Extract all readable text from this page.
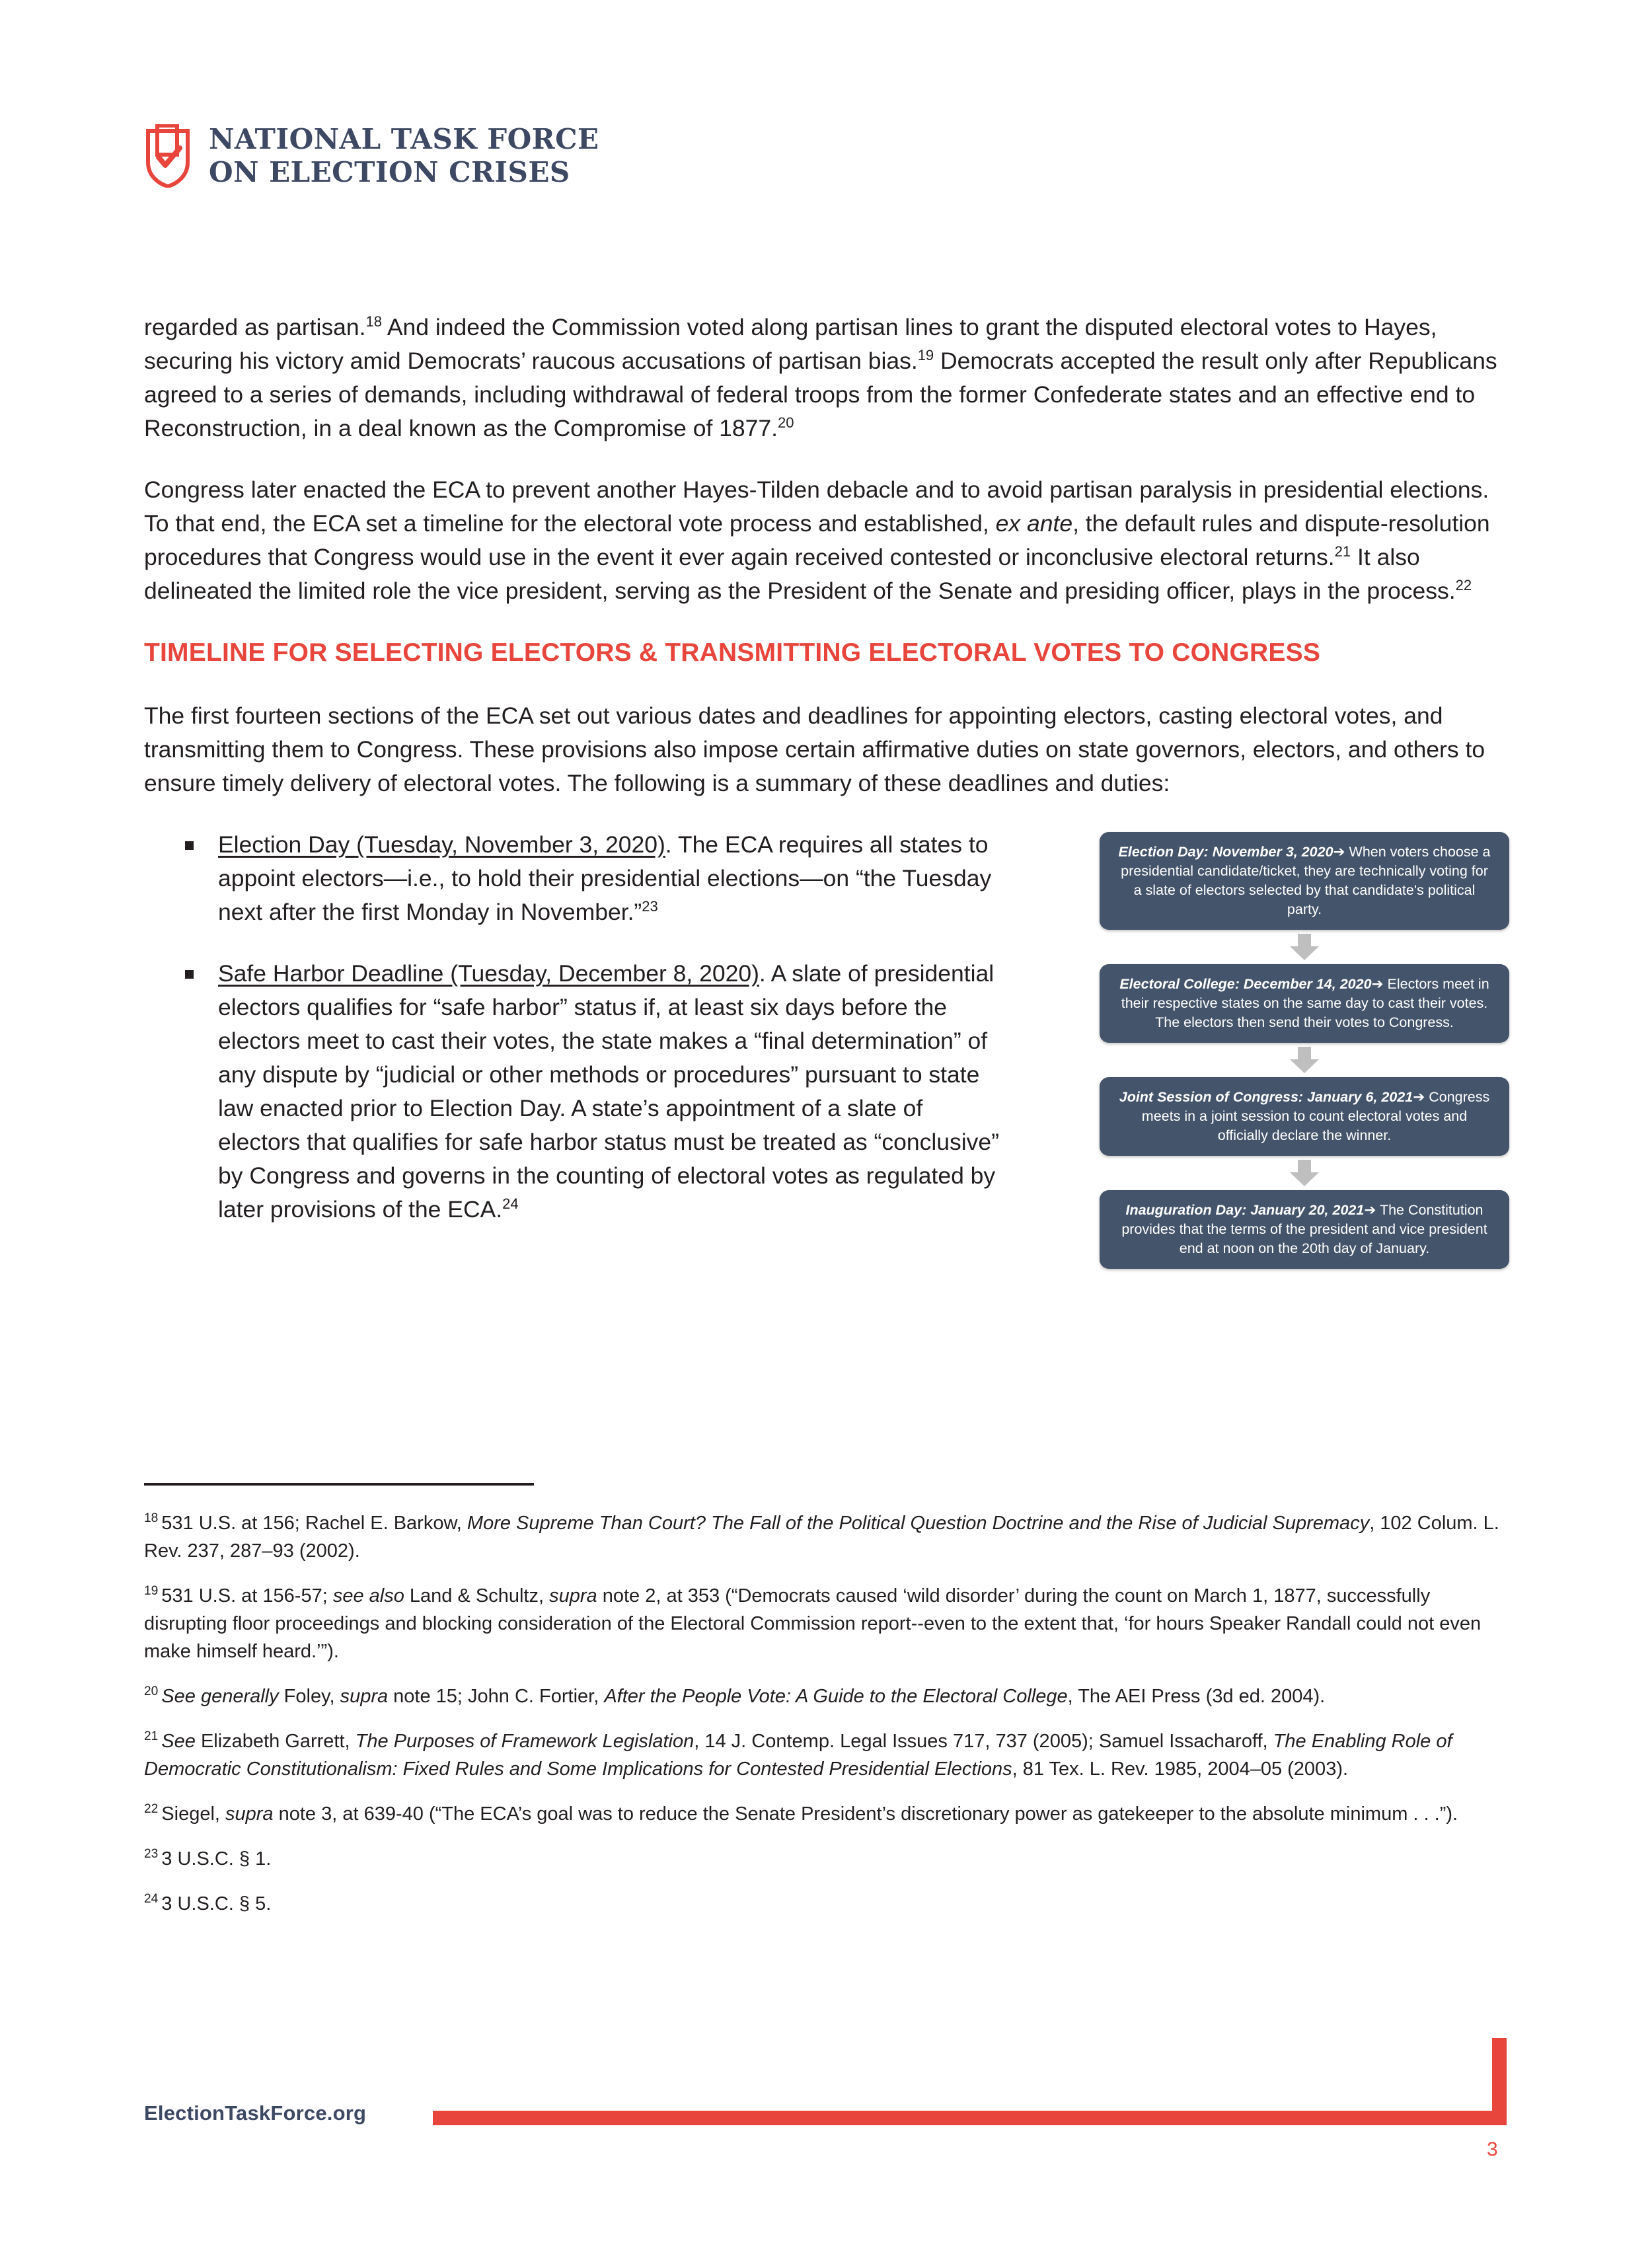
NATIONAL TASK FORCE
ON ELECTION CRISES

regarded as partisan.$^{18}$ And indeed the Commission voted along partisan lines to grant the disputed electoral votes to Hayes, securing his victory amid Democrats’ raucous accusations of partisan bias.$^{19}$ Democrats accepted the result only after Republicans agreed to a series of demands, including withdrawal of federal troops from the former Confederate states and an effective end to Reconstruction, in a deal known as the Compromise of 1877.20

Congress later enacted the ECA to prevent another Hayes-Tilden debacle and to avoid partisan paralysis in presidential elections. To that end, the ECA set a timeline for the electoral vote process and established, ex ante, the default rules and dispute-resolution procedures that Congress would use in the event it ever again received contested or inconclusive electoral returns.$^{21}$ It also delineated the limited role the vice president, serving as the President of the Senate and presiding officer, plays in the process.$^{22}$

TIMELINE FOR SELECTING ELECTORS & TRANSMITTING ELECTORAL VOTES TO CONGRESS

The first fourteen sections of the ECA set out various dates and deadlines for appointing electors, casting electoral votes, and transmitting them to Congress. These provisions also impose certain affirmative duties on state governors, electors, and others to ensure timely delivery of electoral votes. The following is a summary of these deadlines and duties:

Election Day (Tuesday, November 3, 2020). The ECA requires all states to appoint electors—i.e., to hold their presidential elections—on “the Tuesday next after the first Monday in November.”$^{23}$
Safe Harbor Deadline (Tuesday, December 8, 2020). A slate of presidential electors qualifies for “safe harbor” status if, at least six days before the electors meet to cast their votes, the state makes a “final determination” of any dispute by “judicial or other methods or procedures” pursuant to state law enacted prior to Election Day. A state’s appointment of a slate of electors that qualifies for safe harbor status must be treated as “conclusive” by Congress and governs in the counting of electoral votes as regulated by later provisions of the ECA.$^{24}$
Election Day: November 3, 2020➔ When voters choose a presidential candidate/ticket, they are technically voting for a slate of electors selected by that candidate's political party.
Electoral College: December 14, 2020➔ Electors meet in their respective states on the same day to cast their votes. The electors then send their votes to Congress.
Joint Session of Congress: January 6, 2021➔ Congress meets in a joint session to count electoral votes and officially declare the winner.
Inauguration Day: January 20, 2021➔ The Constitution provides that the terms of the president and vice president end at noon on the 20th day of January.

$^{18}$ 531 U.S. at 156; Rachel E. Barkow, More Supreme Than Court? The Fall of the Political Question Doctrine and the Rise of Judicial Supremacy, 102 Colum. L. Rev. 237, 287–93 (2002).

$^{19}$ 531 U.S. at 156-57; see also Land & Schultz, supra note 2, at 353 (“Democrats caused ‘wild disorder’ during the count on March 1, 1877, successfully disrupting floor proceedings and blocking consideration of the Electoral Commission report--even to the extent that, ‘for hours Speaker Randall could not even make himself heard.’”).

$^{20}$ See generally Foley, supra note 15; John C. Fortier, After the People Vote: A Guide to the Electoral College, The AEI Press (3d ed. 2004).

$^{21}$ See Elizabeth Garrett, The Purposes of Framework Legislation, 14 J. Contemp. Legal Issues 717, 737 (2005); Samuel Issacharoff, The Enabling Role of Democratic Constitutionalism: Fixed Rules and Some Implications for Contested Presidential Elections, 81 Tex. L. Rev. 1985, 2004–05 (2003).

$^{22}$ Siegel, supra note 3, at 639-40 (“The ECA’s goal was to reduce the Senate President’s discretionary power as gatekeeper to the absolute minimum . . .”).

$^{23}$ 3 U.S.C. § 1.

$^{24}$ 3 U.S.C. § 5.

ElectionTaskForce.org
3
